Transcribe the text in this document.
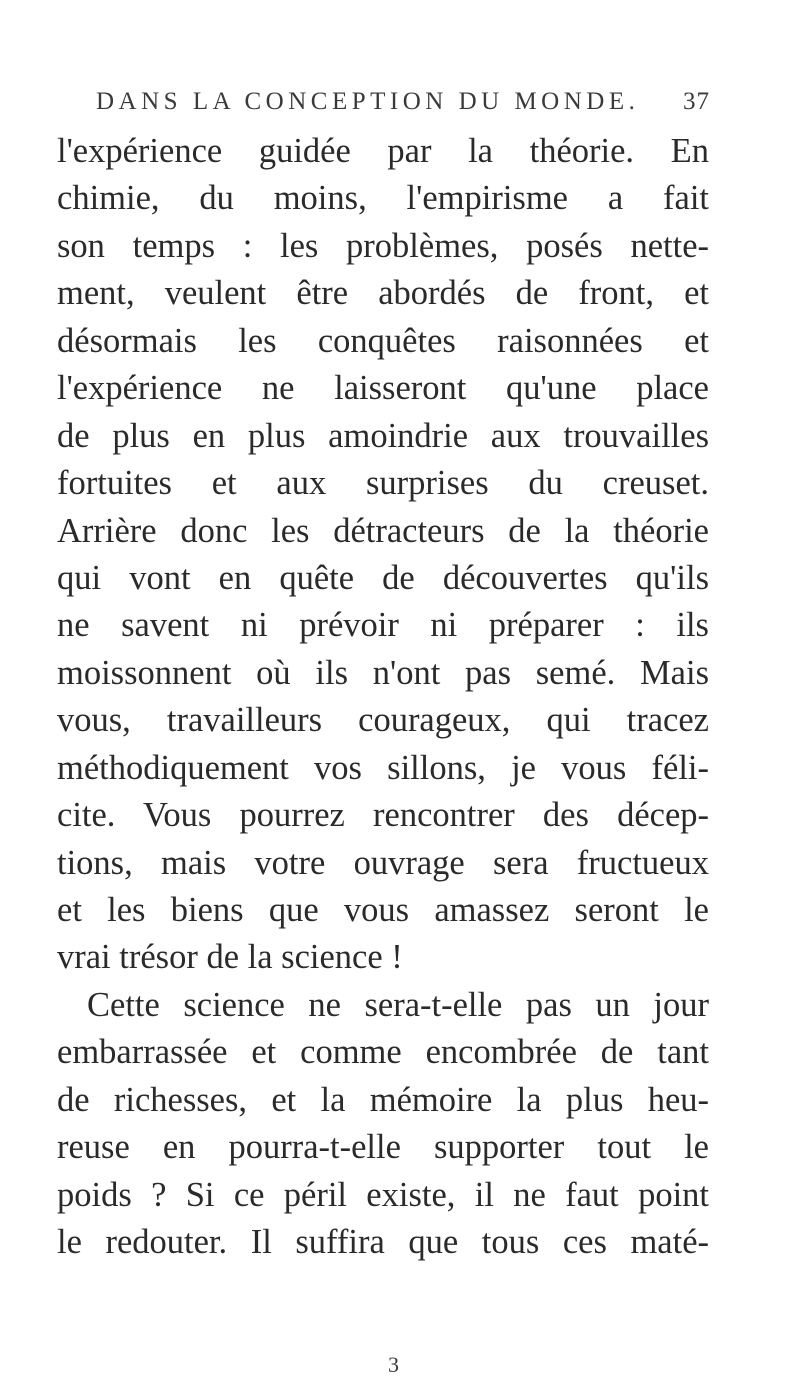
DANS LA CONCEPTION DU MONDE. 37
l'expérience guidée par la théorie. En
chimie, du moins, l'empirisme a fait
son temps : les problèmes, posés nette-
ment, veulent être abordés de front, et
désormais les conquêtes raisonnées et
l'expérience ne laisseront qu'une place
de plus en plus amoindrie aux trouvailles
fortuites et aux surprises du creuset.
Arrière donc les détracteurs de la théorie
qui vont en quête de découvertes qu'ils
ne savent ni prévoir ni préparer : ils
moissonnent où ils n'ont pas semé. Mais
vous, travailleurs courageux, qui tracez
méthodiquement vos sillons, je vous féli-
cite. Vous pourrez rencontrer des décep-
tions, mais votre ouvrage sera fructueux
et les biens que vous amassez seront le
vrai trésor de la science !
Cette science ne sera-t-elle pas un jour
embarrassée et comme encombrée de tant
de richesses, et la mémoire la plus heu-
reuse en pourra-t-elle supporter tout le
poids ? Si ce péril existe, il ne faut point
le redouter. Il suffira que tous ces maté-
3
